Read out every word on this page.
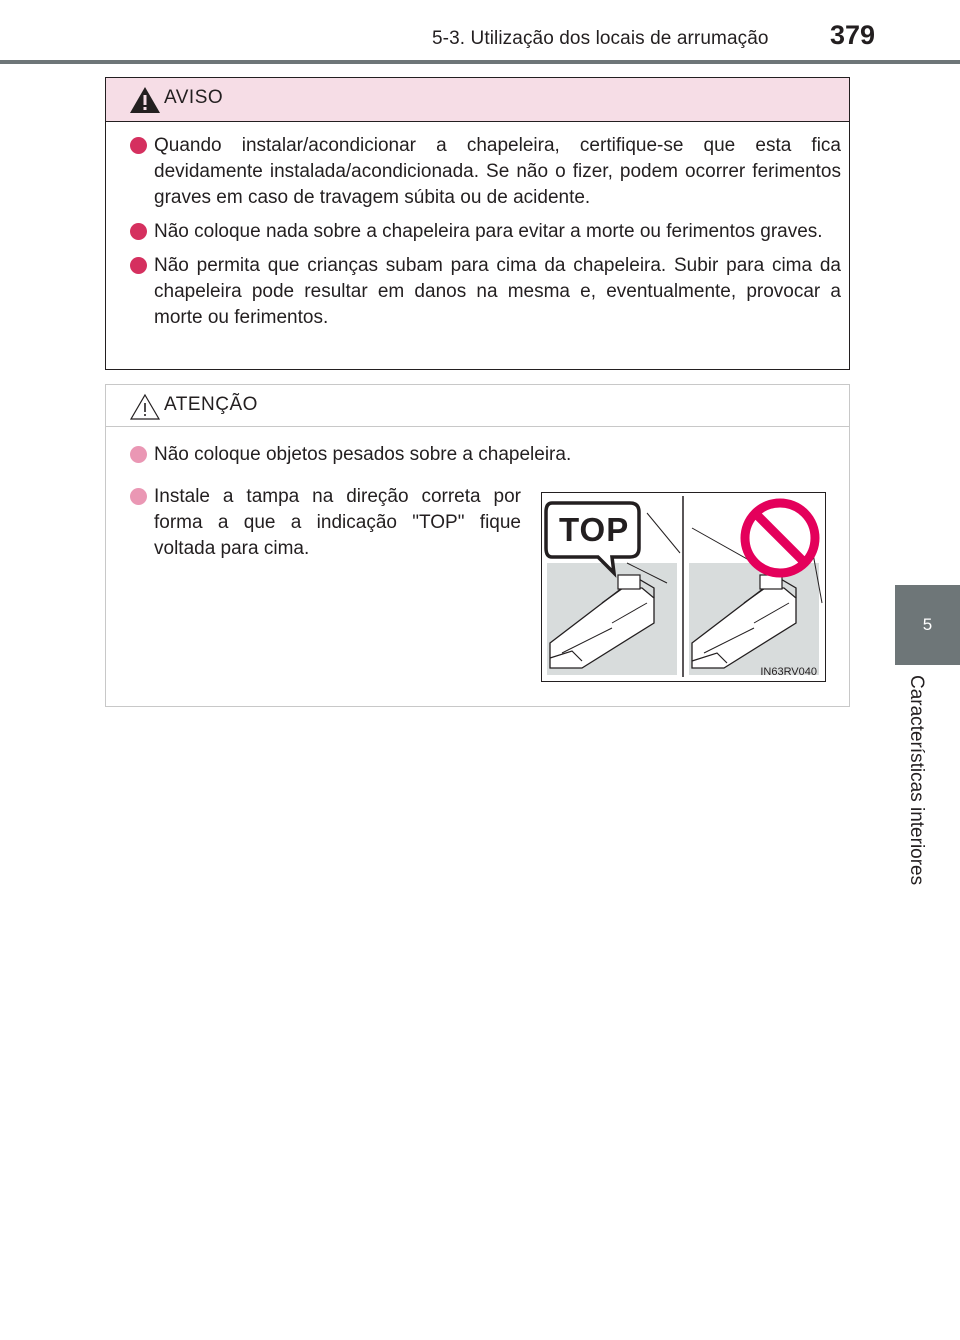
5-3. Utilização dos locais de arrumação 379
5
Características interiores
AVISO
Quando instalar/acondicionar a chapeleira, certifique-se que esta fica devidamente instalada/acondicionada. Se não o fizer, podem ocorrer ferimentos graves em caso de travagem súbita ou de acidente.
Não coloque nada sobre a chapeleira para evitar a morte ou ferimentos graves.
Não permita que crianças subam para cima da chapeleira. Subir para cima da chapeleira pode resultar em danos na mesma e, eventualmente, provocar a morte ou ferimentos.
ATENÇÃO
Não coloque objetos pesados sobre a chapeleira.
Instale a tampa na direção correta por forma a que a indicação "TOP" fique voltada para cima.
TOP
IN63RV040
